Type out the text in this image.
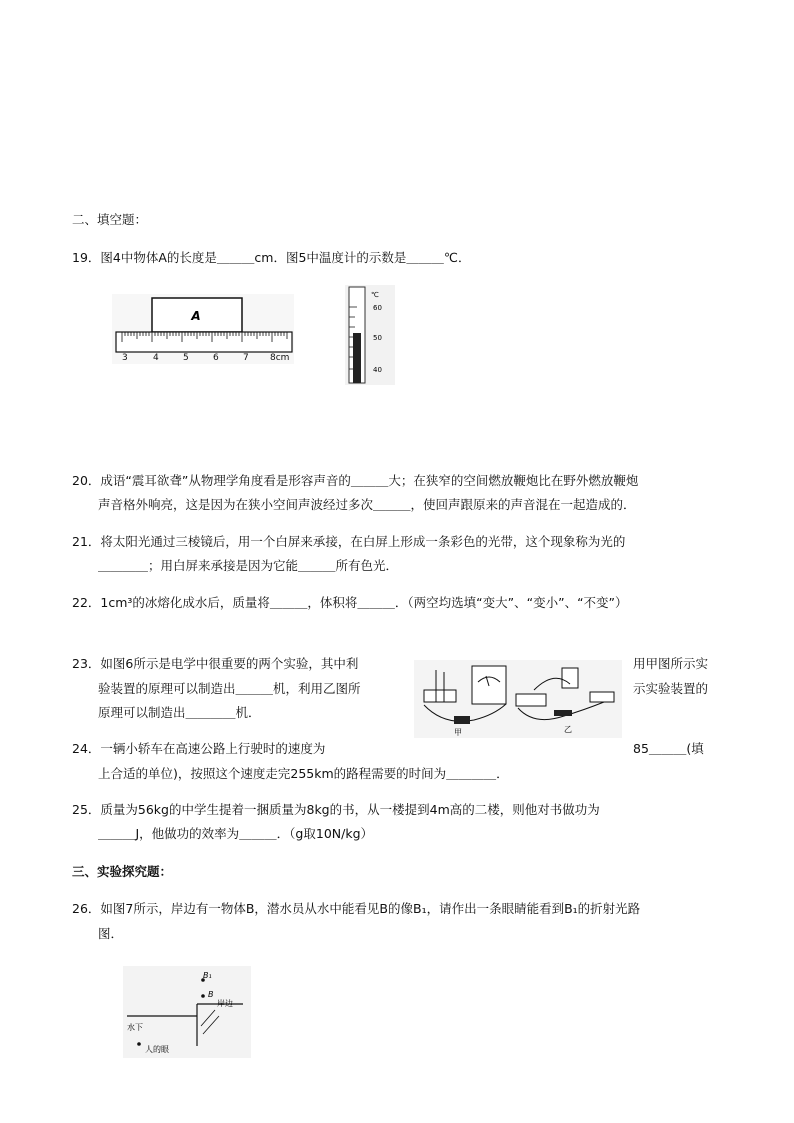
二、填空题：
19．图4中物体A的长度是＿＿＿cm．图5中温度计的示数是＿＿＿℃．
A
3	4	5	6	7 8cm
℃
60
50
40
20．成语“震耳欲聋”从物理学角度看是形容声音的＿＿＿大；在狭窄的空间燃放鞭炮比在野外燃放鞭炮
声音格外响亮，这是因为在狭小空间声波经过多次＿＿＿，使回声跟原来的声音混在一起造成的．
21．将太阳光通过三棱镜后，用一个白屏来承接，在白屏上形成一条彩色的光带，这个现象称为光的
＿＿＿＿；用白屏来承接是因为它能＿＿＿所有色光．
22．1cm³的冰熔化成水后，质量将＿＿＿，体积将＿＿＿．（两空均选填“变大”、“变小”、“不变”）
23．如图6所示是电学中很重要的两个实验，其中利	用甲图所示实
验装置的原理可以制造出＿＿＿机，利用乙图所	示实验装置的
原理可以制造出＿＿＿＿机．
甲	乙
24．一辆小轿车在高速公路上行驶时的速度为	85＿＿＿(填
上合适的单位)，按照这个速度走完255km的路程需要的时间为＿＿＿＿．
25．质量为56kg的中学生提着一捆质量为8kg的书，从一楼提到4m高的二楼，则他对书做功为
＿＿＿J，他做功的效率为＿＿＿．（g取10N/kg）
三、实验探究题：
26．如图7所示，岸边有一物体B，潜水员从水中能看见B的像B₁，请作出一条眼睛能看到B₁的折射光路
图．
B₁
B
岸边
水下
人的眼
